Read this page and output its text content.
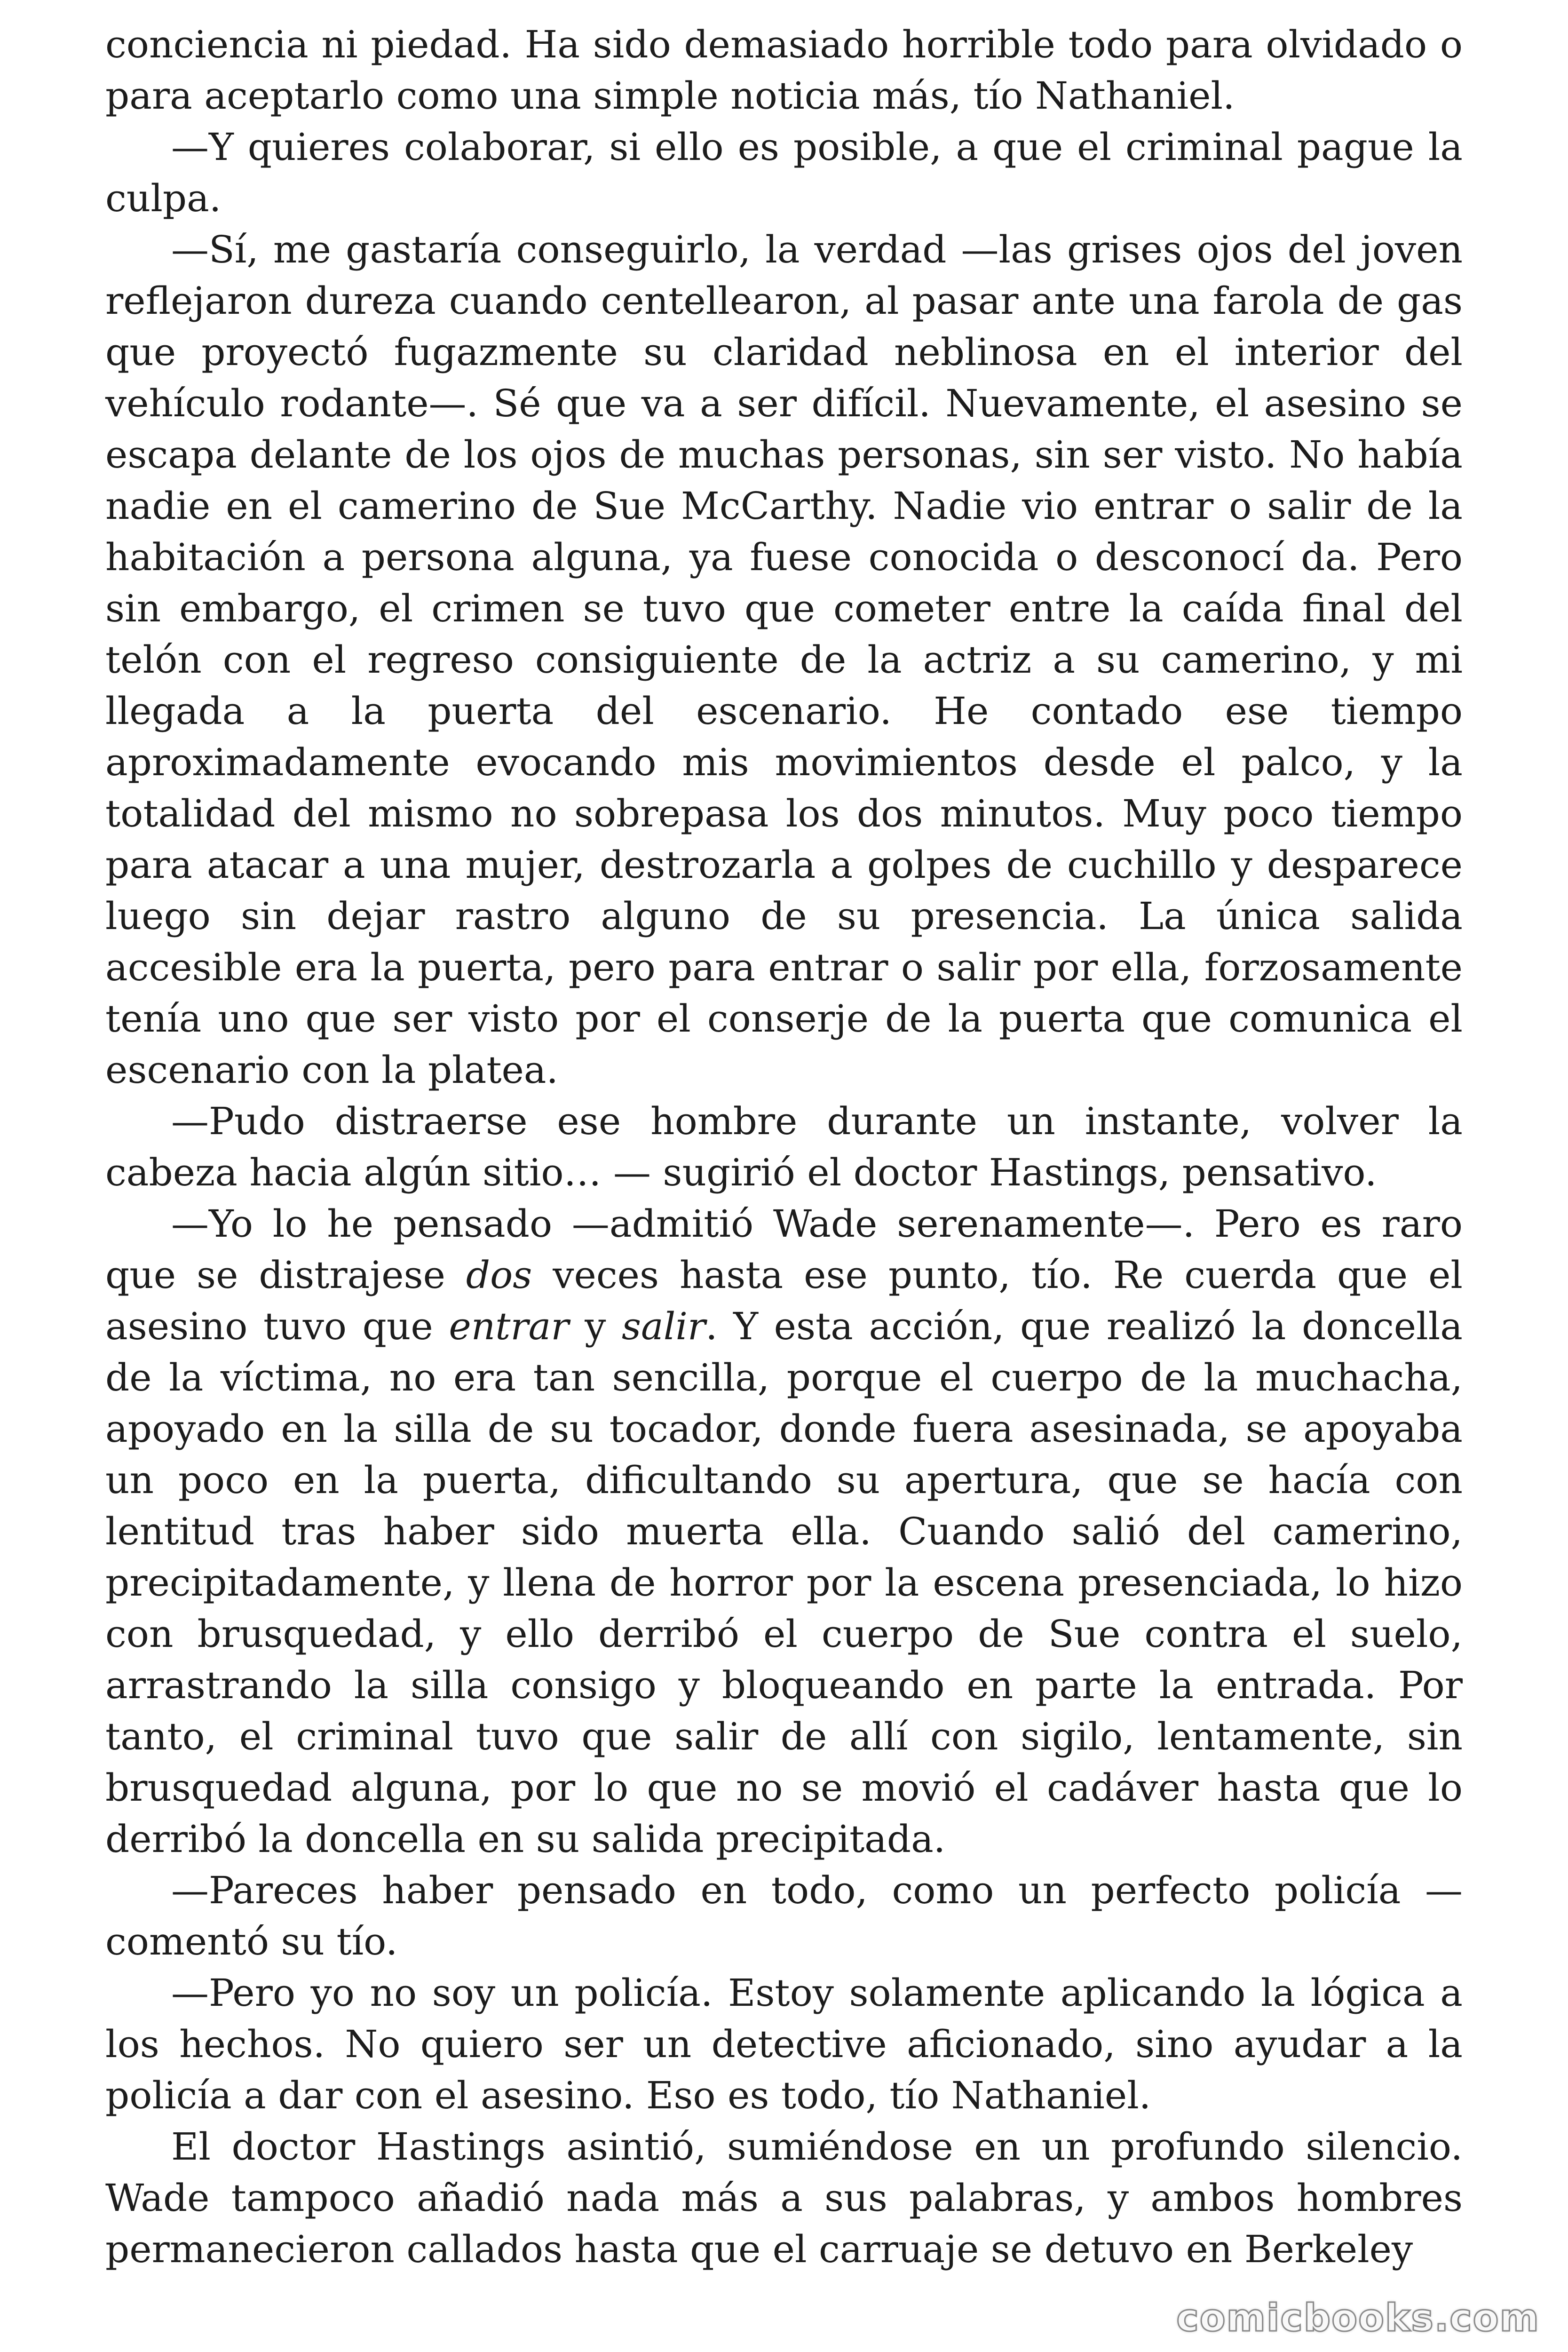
conciencia ni piedad. Ha sido demasiado horrible todo para olvidado o para aceptarlo como una simple noticia más, tío Nathaniel.

—Y quieres colaborar, si ello es posible, a que el criminal pague la culpa.

—Sí, me gastaría conseguirlo, la verdad —las grises ojos del joven reflejaron dureza cuando centellearon, al pasar ante una farola de gas que proyectó fugazmente su claridad neblinosa en el interior del vehículo rodante—. Sé que va a ser difícil. Nuevamente, el asesino se escapa delante de los ojos de muchas personas, sin ser visto. No había nadie en el camerino de Sue McCarthy. Nadie vio entrar o salir de la habitación a persona alguna, ya fuese conocida o desconocí da. Pero sin embargo, el crimen se tuvo que cometer entre la caída final del telón con el regreso consiguiente de la actriz a su camerino, y mi llegada a la puerta del escenario. He contado ese tiempo aproximadamente evocando mis movimientos desde el palco, y la totalidad del mismo no sobrepasa los dos minutos. Muy poco tiempo para atacar a una mujer, destrozarla a golpes de cuchillo y desparece luego sin dejar rastro alguno de su presencia. La única salida accesible era la puerta, pero para entrar o salir por ella, forzosamente tenía uno que ser visto por el conserje de la puerta que comunica el escenario con la platea.

—Pudo distraerse ese hombre durante un instante, volver la cabeza hacia algún sitio… — sugirió el doctor Hastings, pensativo.

—Yo lo he pensado —admitió Wade serenamente—. Pero es raro que se distrajese dos veces hasta ese punto, tío. Re cuerda que el asesino tuvo que entrar y salir. Y esta acción, que realizó la doncella de la víctima, no era tan sencilla, porque el cuerpo de la muchacha, apoyado en la silla de su tocador, donde fuera asesinada, se apoyaba un poco en la puerta, dificultando su apertura, que se hacía con lentitud tras haber sido muerta ella. Cuando salió del camerino, precipitadamente, y llena de horror por la escena presenciada, lo hizo con brusquedad, y ello derribó el cuerpo de Sue contra el suelo, arrastrando la silla consigo y bloqueando en parte la entrada. Por tanto, el criminal tuvo que salir de allí con sigilo, lentamente, sin brusquedad alguna, por lo que no se movió el cadáver hasta que lo derribó la doncella en su salida precipitada.

—Pareces haber pensado en todo, como un perfecto policía — comentó su tío.

—Pero yo no soy un policía. Estoy solamente aplicando la lógica a los hechos. No quiero ser un detective aficionado, sino ayudar a la policía a dar con el asesino. Eso es todo, tío Nathaniel.

El doctor Hastings asintió, sumiéndose en un profundo silencio. Wade tampoco añadió nada más a sus palabras, y ambos hombres permanecieron callados hasta que el carruaje se detuvo en Berkeley

comicbooks.com
